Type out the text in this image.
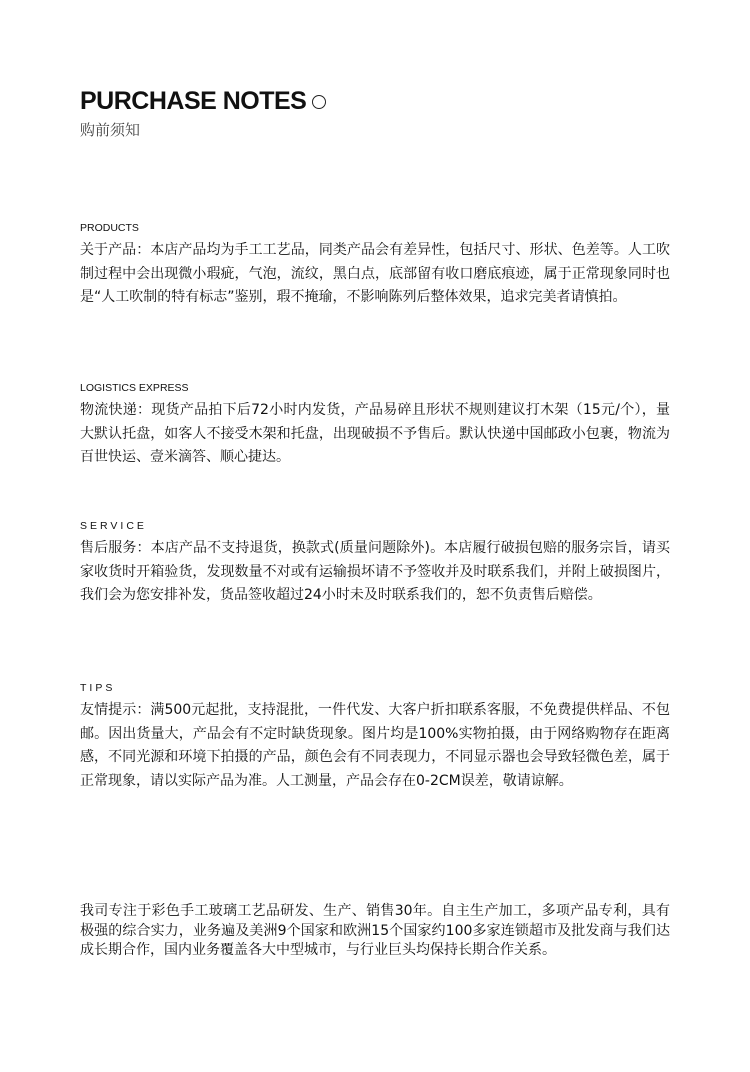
PURCHASE NOTES
购前须知
PRODUCTS
关于产品：本店产品均为手工工艺品，同类产品会有差异性，包括尺寸、形状、色差等。人工吹制过程中会出现微小瑕疵，气泡，流纹，黑白点，底部留有收口磨底痕迹，属于正常现象同时也是“人工吹制的特有标志”鉴别，瑕不掩瑜，不影响陈列后整体效果，追求完美者请慎拍。
LOGISTICS EXPRESS
物流快递：现货产品拍下后72小时内发货，产品易碎且形状不规则建议打木架（15元/个），量大默认托盘，如客人不接受木架和托盘，出现破损不予售后。默认快递中国邮政小包裹，物流为百世快运、壹米滴答、顺心捷达。
SERVICE
售后服务：本店产品不支持退货，换款式(质量问题除外)。本店履行破损包赔的服务宗旨，请买家收货时开箱验货，发现数量不对或有运输损坏请不予签收并及时联系我们，并附上破损图片，我们会为您安排补发，货品签收超过24小时未及时联系我们的，恕不负责售后赔偿。
TIPS
友情提示：满500元起批，支持混批，一件代发、大客户折扣联系客服，不免费提供样品、不包邮。因出货量大，产品会有不定时缺货现象。图片均是100%实物拍摄，由于网络购物存在距离感，不同光源和环境下拍摄的产品，颜色会有不同表现力，不同显示器也会导致轻微色差，属于正常现象，请以实际产品为准。人工测量，产品会存在0-2CM误差，敬请谅解。
我司专注于彩色手工玻璃工艺品研发、生产、销售30年。自主生产加工，多项产品专利，具有极强的综合实力，业务遍及美洲9个国家和欧洲15个国家约100多家连锁超市及批发商与我们达成长期合作，国内业务覆盖各大中型城市，与行业巨头均保持长期合作关系。
